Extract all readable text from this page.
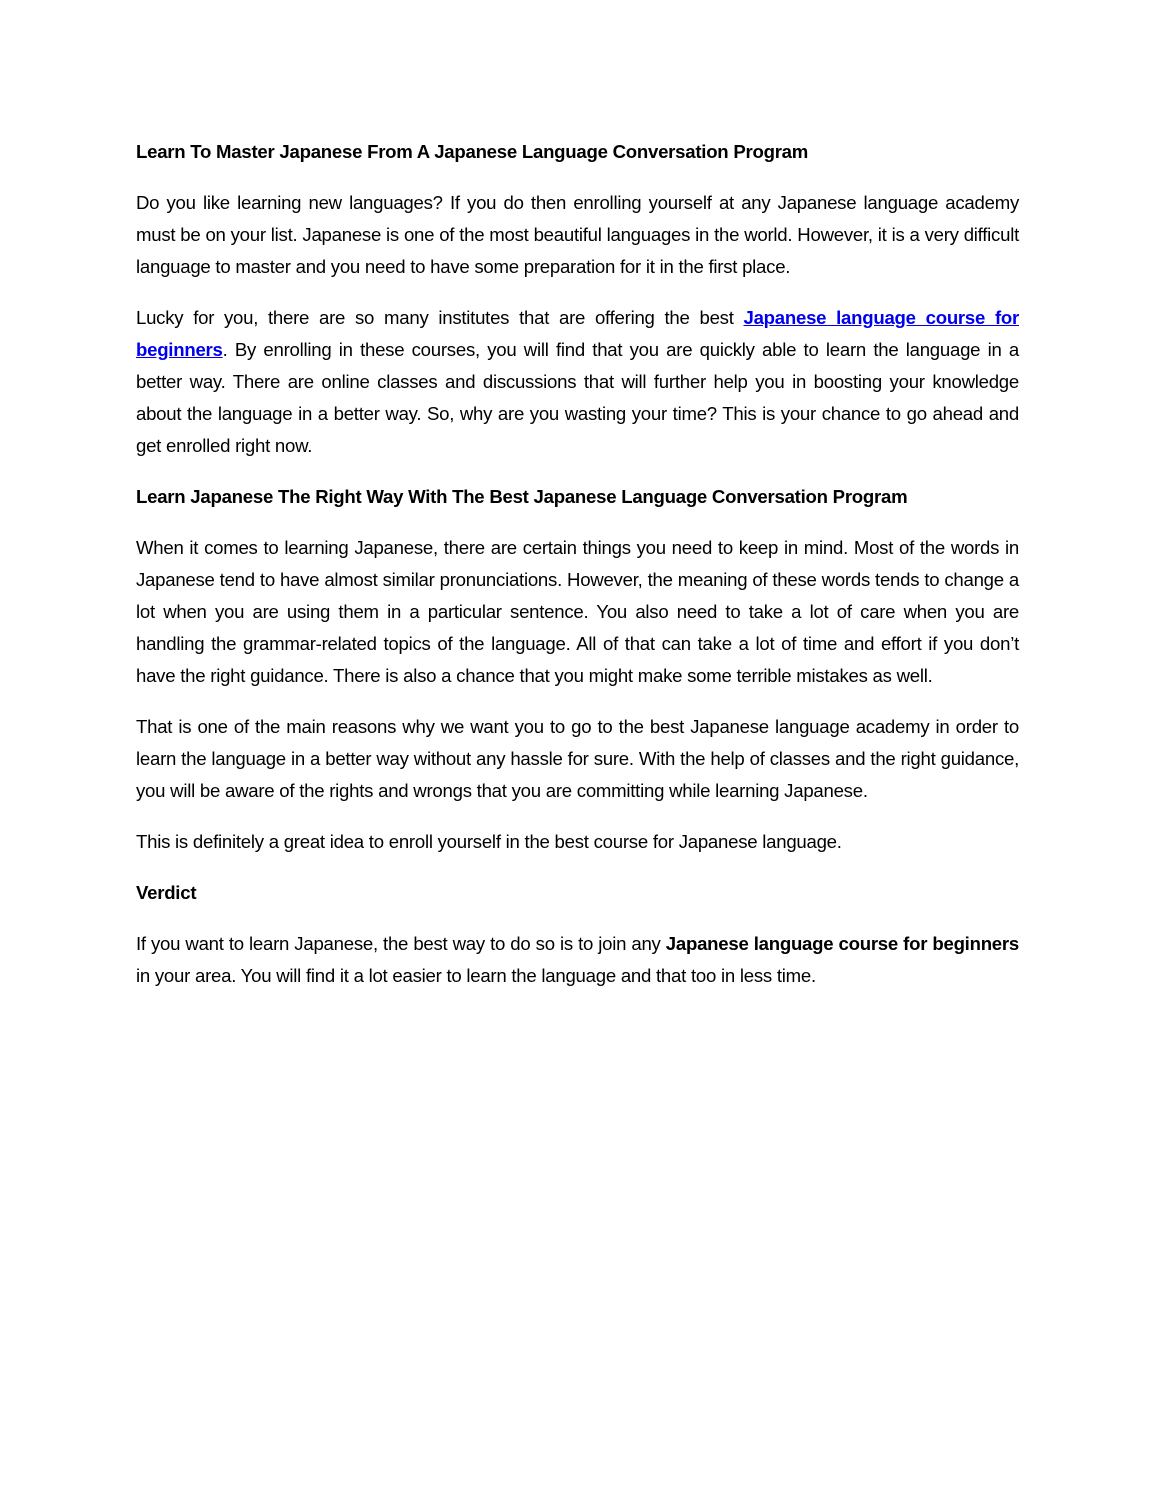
Learn To Master Japanese From A Japanese Language Conversation Program

Do you like learning new languages? If you do then enrolling yourself at any Japanese language academy must be on your list. Japanese is one of the most beautiful languages in the world. However, it is a very difficult language to master and you need to have some preparation for it in the first place.

Lucky for you, there are so many institutes that are offering the best Japanese language course for beginners. By enrolling in these courses, you will find that you are quickly able to learn the language in a better way. There are online classes and discussions that will further help you in boosting your knowledge about the language in a better way. So, why are you wasting your time? This is your chance to go ahead and get enrolled right now.

Learn Japanese The Right Way With The Best Japanese Language Conversation Program

When it comes to learning Japanese, there are certain things you need to keep in mind. Most of the words in Japanese tend to have almost similar pronunciations. However, the meaning of these words tends to change a lot when you are using them in a particular sentence. You also need to take a lot of care when you are handling the grammar-related topics of the language. All of that can take a lot of time and effort if you don’t have the right guidance. There is also a chance that you might make some terrible mistakes as well.

That is one of the main reasons why we want you to go to the best Japanese language academy in order to learn the language in a better way without any hassle for sure. With the help of classes and the right guidance, you will be aware of the rights and wrongs that you are committing while learning Japanese.

This is definitely a great idea to enroll yourself in the best course for Japanese language.

Verdict

If you want to learn Japanese, the best way to do so is to join any Japanese language course for beginners in your area. You will find it a lot easier to learn the language and that too in less time.
